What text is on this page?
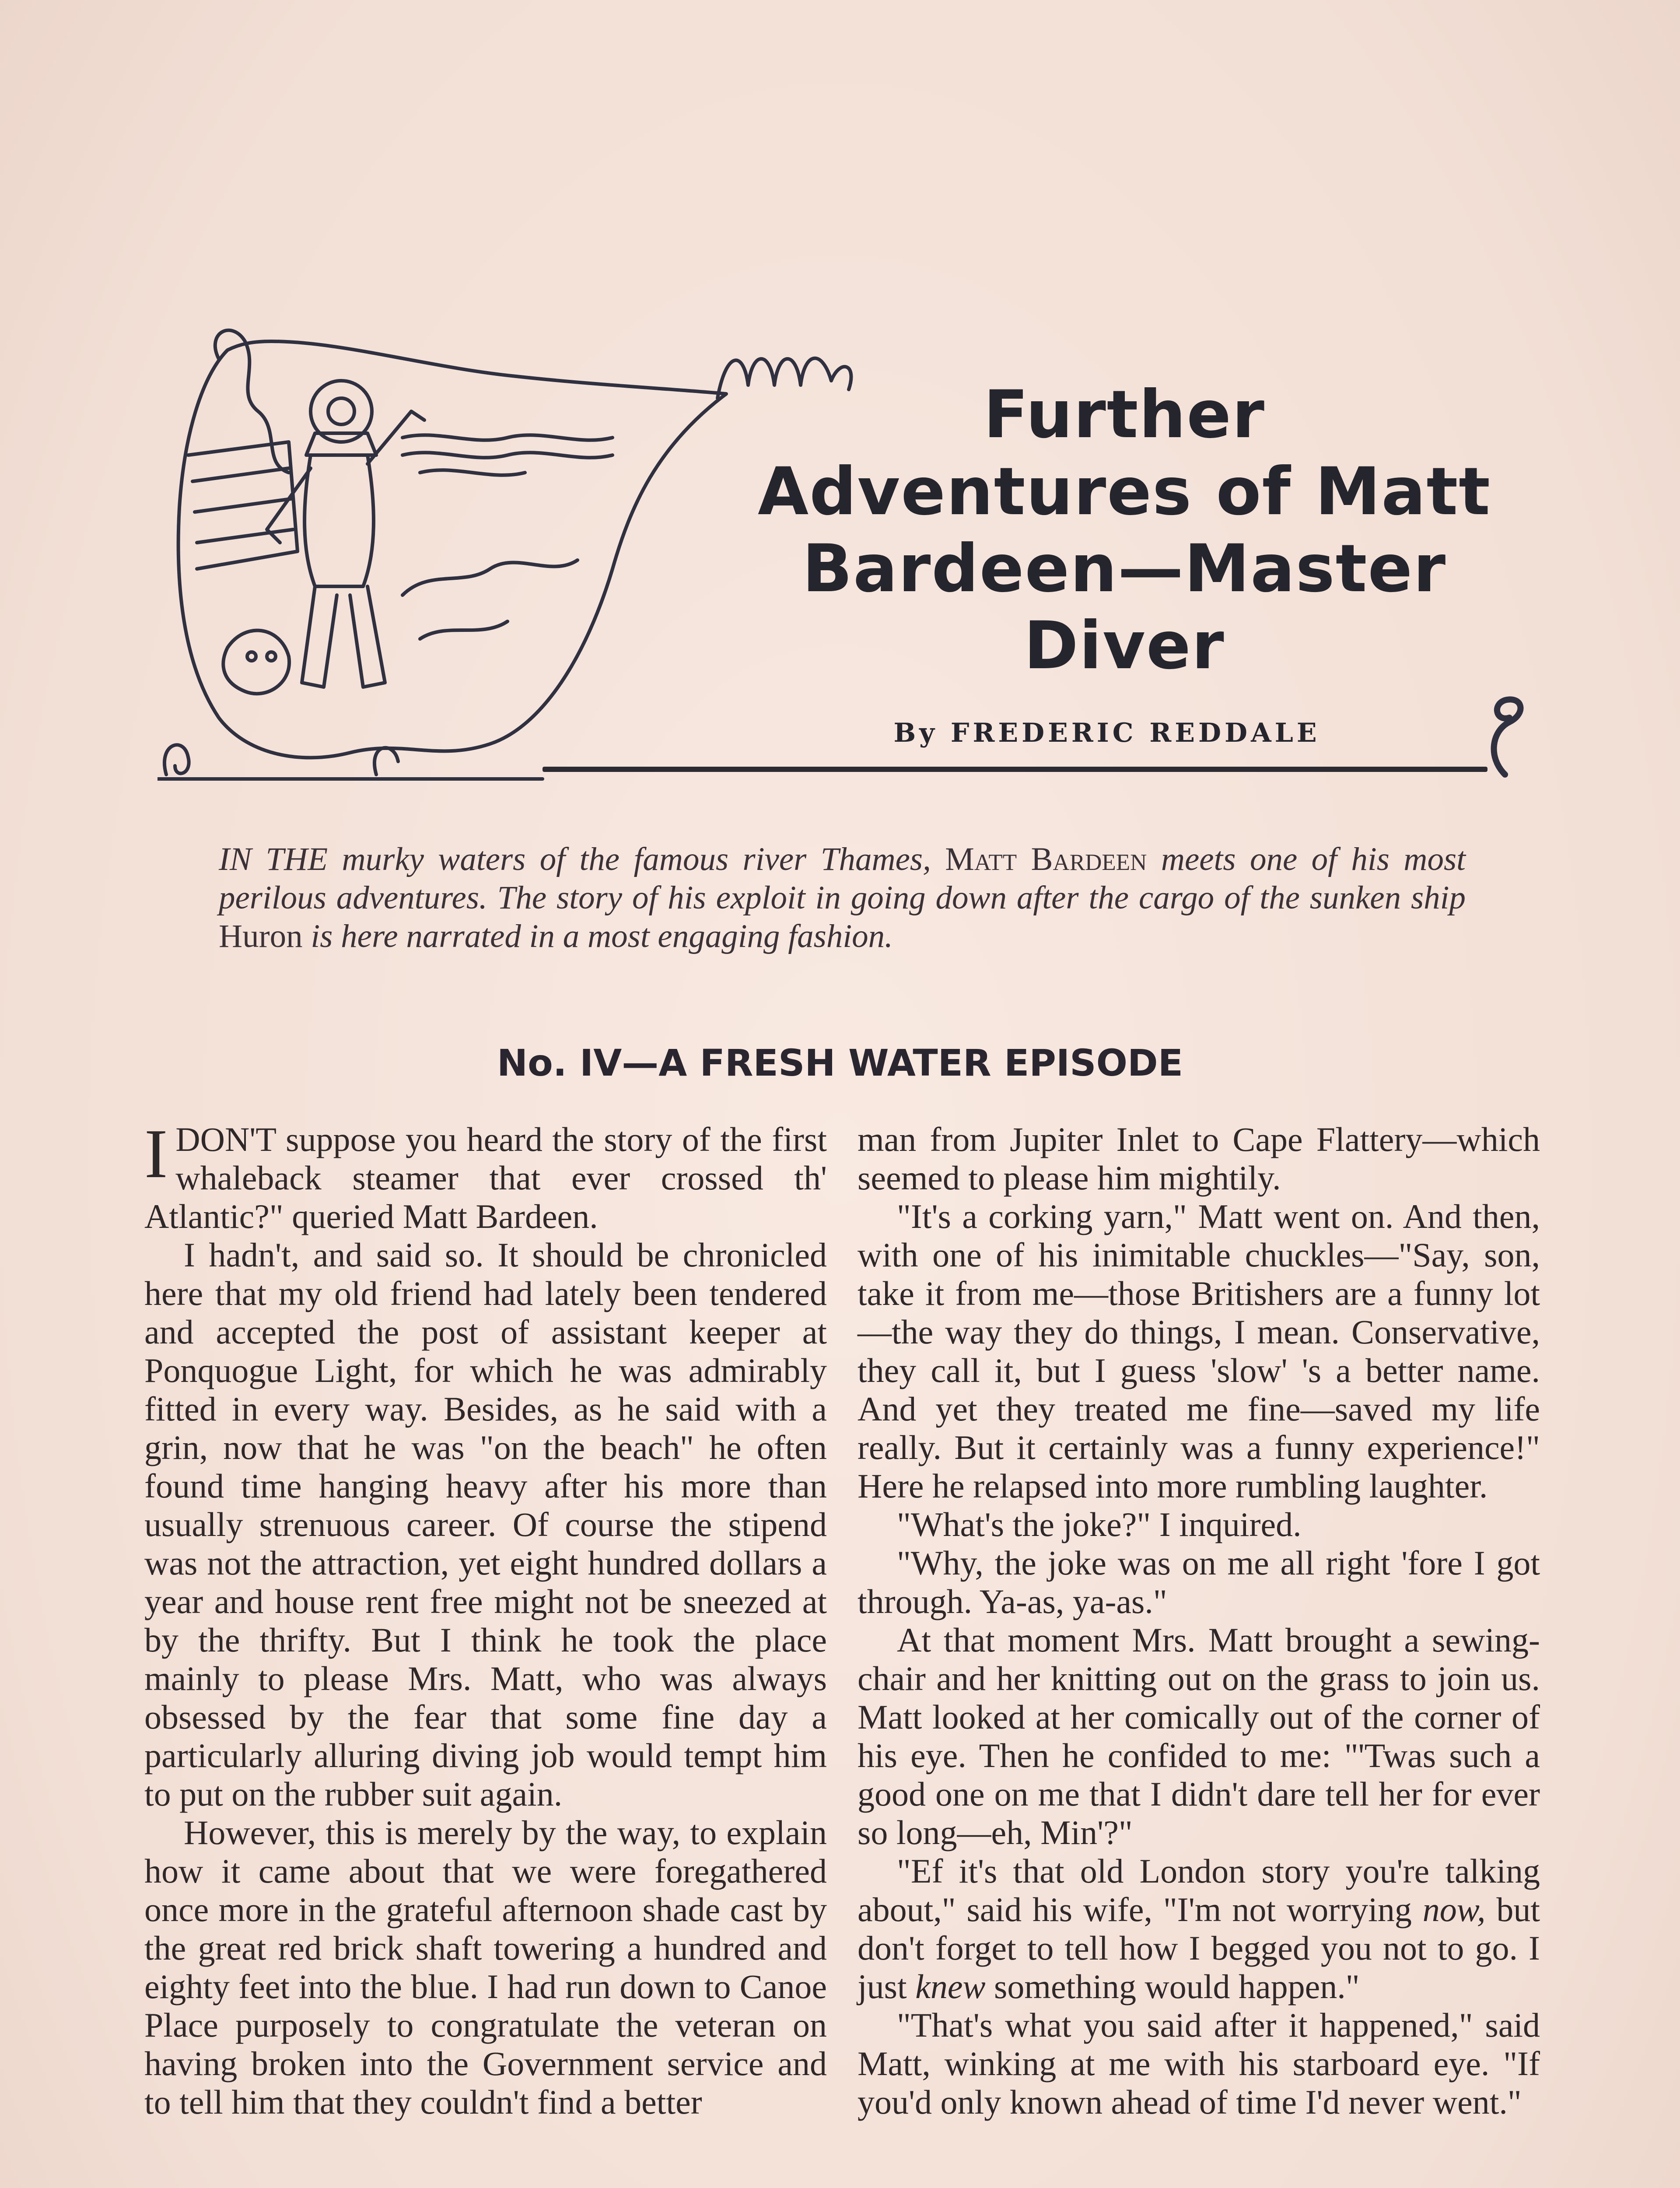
Further
Adventures of Matt
Bardeen—Master
Diver
By FREDERIC REDDALE
IN THE murky waters of the famous river Thames, Matt Bardeen meets one of his most perilous adventures. The story of his exploit in going down after the cargo of the sunken ship Huron is here narrated in a most engaging fashion.
No. IV—A FRESH WATER EPISODE

IDON'T suppose you heard the story of the first whaleback steamer that ever crossed th' Atlantic?" queried Matt Bardeen.

I hadn't, and said so. It should be chronicled here that my old friend had lately been tendered and accepted the post of assistant keeper at Ponquogue Light, for which he was admirably fitted in every way. Besides, as he said with a grin, now that he was "on the beach" he often found time hanging heavy after his more than usually strenuous career. Of course the stipend was not the attraction, yet eight hundred dollars a year and house rent free might not be sneezed at by the thrifty. But I think he took the place mainly to please Mrs. Matt, who was always obsessed by the fear that some fine day a particularly alluring diving job would tempt him to put on the rubber suit again.

However, this is merely by the way, to explain how it came about that we were foregathered once more in the grateful afternoon shade cast by the great red brick shaft towering a hundred and eighty feet into the blue. I had run down to Canoe Place purposely to congratulate the veteran on having broken into the Government service and to tell him that they couldn't find a better

man from Jupiter Inlet to Cape Flattery—which seemed to please him mightily.

"It's a corking yarn," Matt went on. And then, with one of his inimitable chuckles—"Say, son, take it from me—those Britishers are a funny lot—the way they do things, I mean. Conservative, they call it, but I guess 'slow' 's a better name. And yet they treated me fine—saved my life really. But it certainly was a funny experience!" Here he relapsed into more rumbling laughter.

"What's the joke?" I inquired.

"Why, the joke was on me all right 'fore I got through. Ya-as, ya-as."

At that moment Mrs. Matt brought a sewing-chair and her knitting out on the grass to join us. Matt looked at her comically out of the corner of his eye. Then he confided to me: "'Twas such a good one on me that I didn't dare tell her for ever so long—eh, Min'?"

"Ef it's that old London story you're talking about," said his wife, "I'm not worrying now, but don't forget to tell how I begged you not to go. I just knew something would happen."

"That's what you said after it happened," said Matt, winking at me with his starboard eye. "If you'd only known ahead of time I'd never went."
